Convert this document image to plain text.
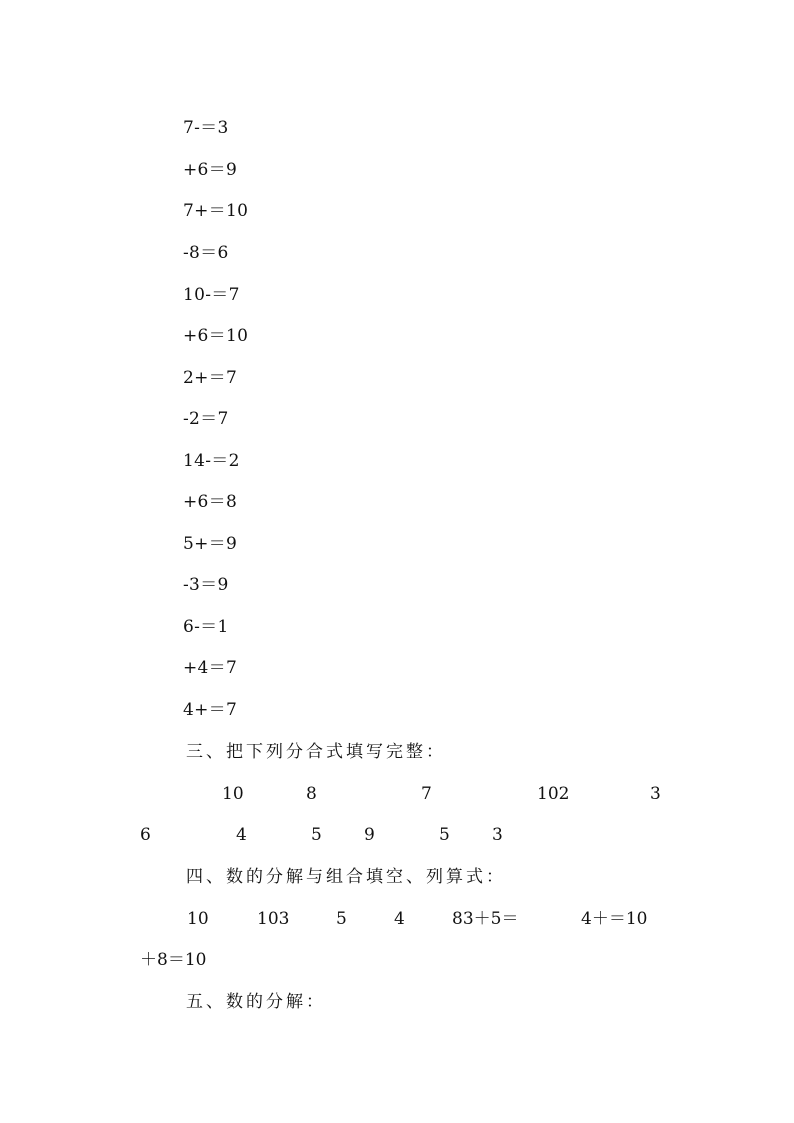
7-＝3
+6＝9
7+＝10
-8＝6
10-＝7
+6＝10
2+＝7
-2＝7
14-＝2
+6＝8
5+＝9
-3＝9
6-＝1
+4＝7
4+＝7
三、把下列分合式填写完整：
10	8	7	102	3
6	4	5 9	5 3
四、数的分解与组合填空、列算式：
10	103	5	4	83＋5＝	4＋＝10
＋8＝10
五、数的分解：
